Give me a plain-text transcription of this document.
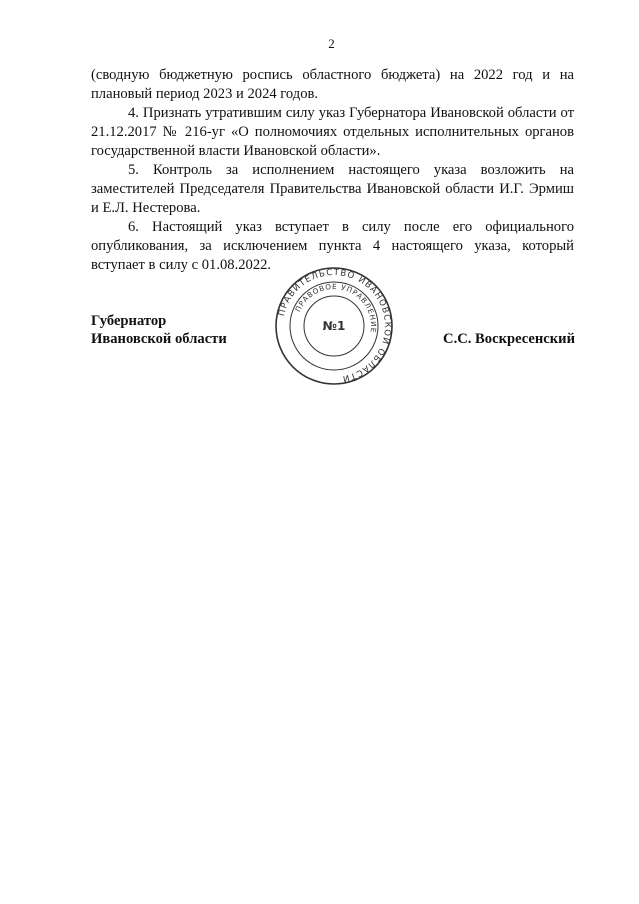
2

(сводную бюджетную роспись областного бюджета) на 2022 год и на плановый период 2023 и 2024 годов.

4. Признать утратившим силу указ Губернатора Ивановской области от 21.12.2017 № 216-уг «О полномочиях отдельных исполнительных органов государственной власти Ивановской области».

5. Контроль за исполнением настоящего указа возложить на заместителей Председателя Правительства Ивановской области И.Г. Эрмиш и Е.Л. Нестерова.

6. Настоящий указ вступает в силу после его официального опубликования, за исключением пункта 4 настоящего указа, который вступает в силу с 01.08.2022.

Губернатор
Ивановской области
ПРАВИТЕЛЬСТВО ИВАНОВСКОЙ ОБЛАСТИ
ПРАВОВОЕ УПРАВЛЕНИЕ
№1
С.С. Воскресенский
